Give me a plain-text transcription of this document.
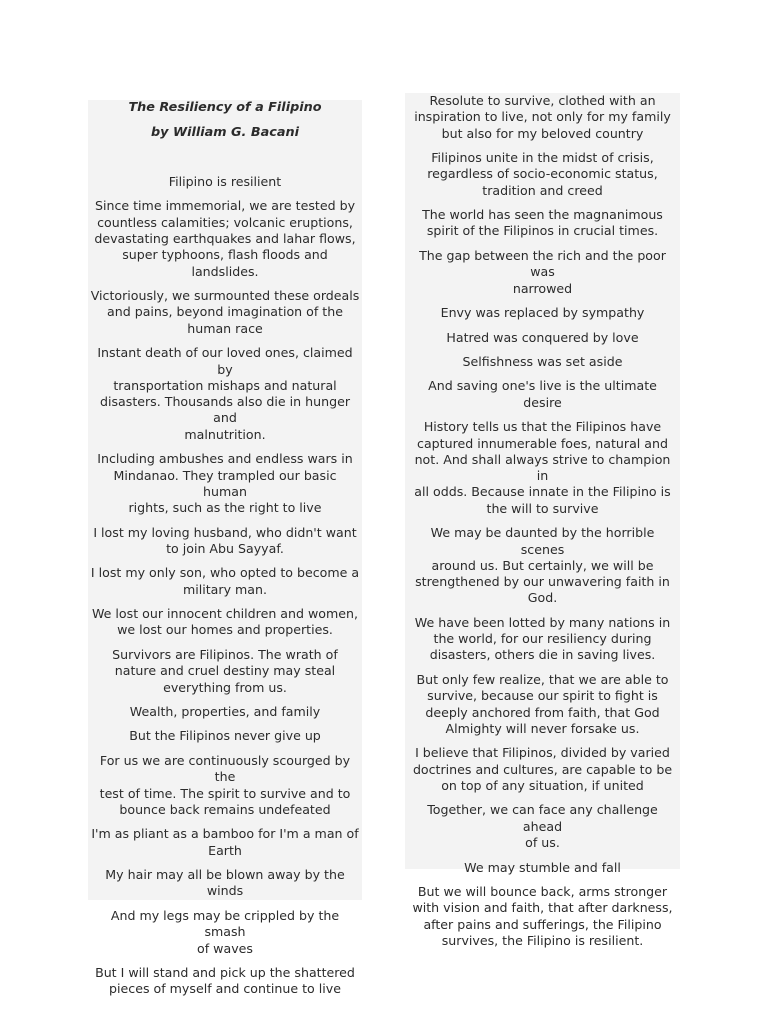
The Resiliency of a Filipino

by William G. Bacani

Filipino is resilient

Since time immemorial, we are tested by
countless calamities; volcanic eruptions,
devastating earthquakes and lahar flows,
super typhoons, flash floods and landslides.

Victoriously, we surmounted these ordeals
and pains, beyond imagination of the
human race

Instant death of our loved ones, claimed by
transportation mishaps and natural
disasters. Thousands also die in hunger and
malnutrition.

Including ambushes and endless wars in
Mindanao. They trampled our basic human
rights, such as the right to live

I lost my loving husband, who didn't want
to join Abu Sayyaf.

I lost my only son, who opted to become a
military man.

We lost our innocent children and women,
we lost our homes and properties.

Survivors are Filipinos. The wrath of
nature and cruel destiny may steal
everything from us.

Wealth, properties, and family

But the Filipinos never give up

For us we are continuously scourged by the
test of time. The spirit to survive and to
bounce back remains undefeated

I'm as pliant as a bamboo for I'm a man of
Earth

My hair may all be blown away by the
winds

And my legs may be crippled by the smash
of waves

But I will stand and pick up the shattered
pieces of myself and continue to live

Resolute to survive, clothed with an
inspiration to live, not only for my family
but also for my beloved country

Filipinos unite in the midst of crisis,
regardless of socio-economic status,
tradition and creed

The world has seen the magnanimous
spirit of the Filipinos in crucial times.

The gap between the rich and the poor was
narrowed

Envy was replaced by sympathy

Hatred was conquered by love

Selfishness was set aside

And saving one's live is the ultimate desire

History tells us that the Filipinos have
captured innumerable foes, natural and
not. And shall always strive to champion in
all odds. Because innate in the Filipino is
the will to survive

We may be daunted by the horrible scenes
around us. But certainly, we will be
strengthened by our unwavering faith in
God.

We have been lotted by many nations in
the world, for our resiliency during
disasters, others die in saving lives.

But only few realize, that we are able to
survive, because our spirit to fight is
deeply anchored from faith, that God
Almighty will never forsake us.

I believe that Filipinos, divided by varied
doctrines and cultures, are capable to be
on top of any situation, if united

Together, we can face any challenge ahead
of us.

We may stumble and fall

But we will bounce back, arms stronger
with vision and faith, that after darkness,
after pains and sufferings, the Filipino
survives, the Filipino is resilient.
